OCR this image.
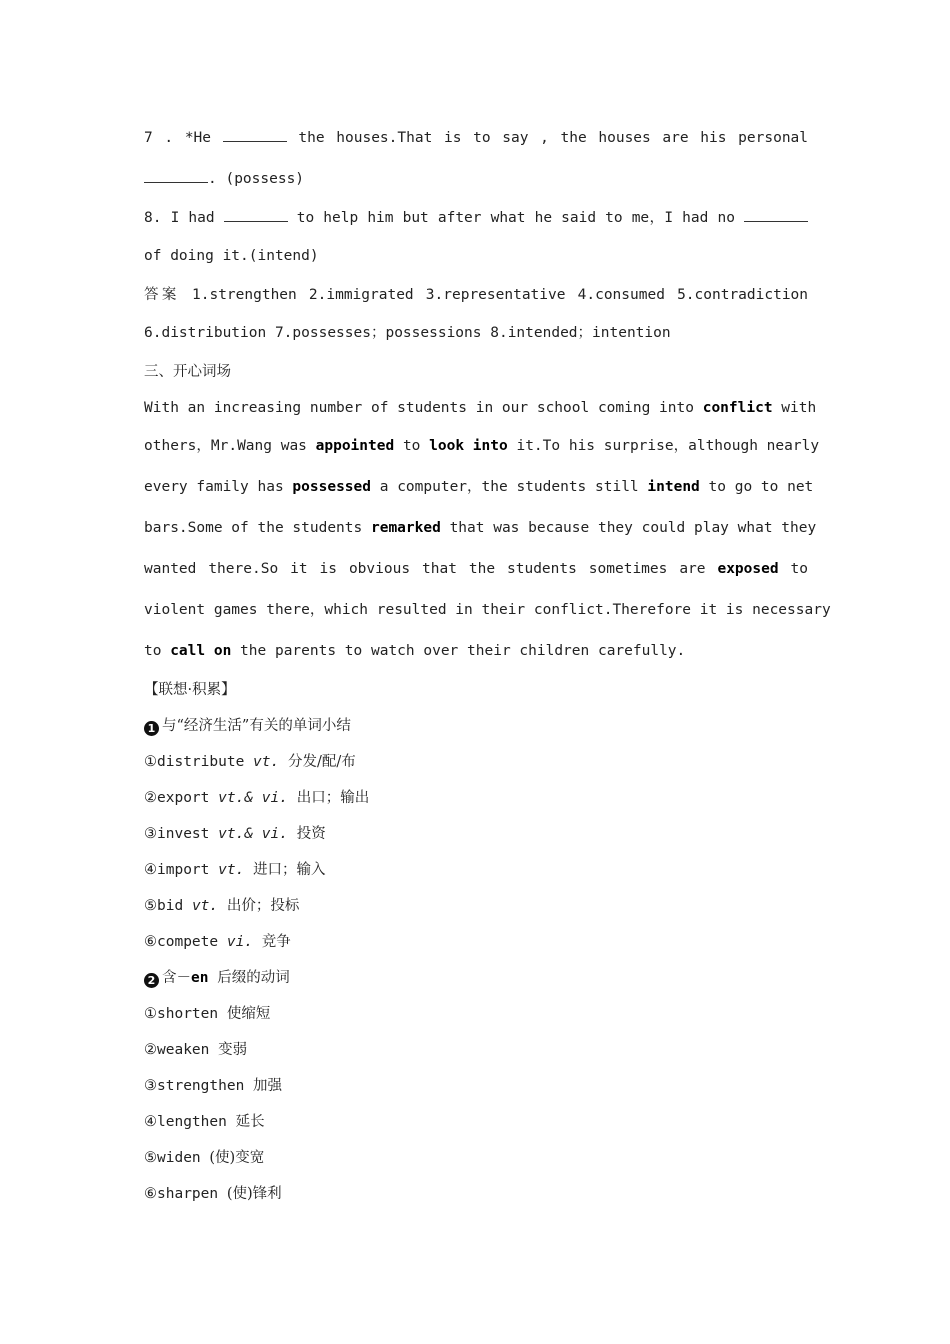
7 . *He	the houses.That is to say , the houses are his personal
. (possess)
8. I had	to help him but after what he said to me，I had no
of doing it.(intend)
答案 1.strengthen 2.immigrated 3.representative 4.consumed 5.contradiction
6.distribution 7.possesses；possessions 8.intended；intention
三、开心词场
With an increasing number of students in our school coming into conflict with
others，Mr.Wang was appointed to look into it.To his surprise，although nearly
every family has possessed a computer，the students still intend to go to net
bars.Some of the students remarked that was because they could play what they
wanted there.So it is obvious that the students sometimes are exposed to
violent games there，which resulted in their conflict.Therefore it is necessary
to call on the parents to watch over their children carefully.
【联想·积累】
1 与“经济生活”有关的单词小结
①distribute vt. 分发/配/布
②export vt.& vi. 出口；输出
③invest vt.& vi. 投资
④import vt. 进口；输入
⑤bid vt. 出价；投标
⑥compete vi. 竞争
2 含－en 后缀的动词
①shorten 使缩短
②weaken 变弱
③strengthen 加强
④lengthen 延长
⑤widen (使)变宽
⑥sharpen (使)锋利
